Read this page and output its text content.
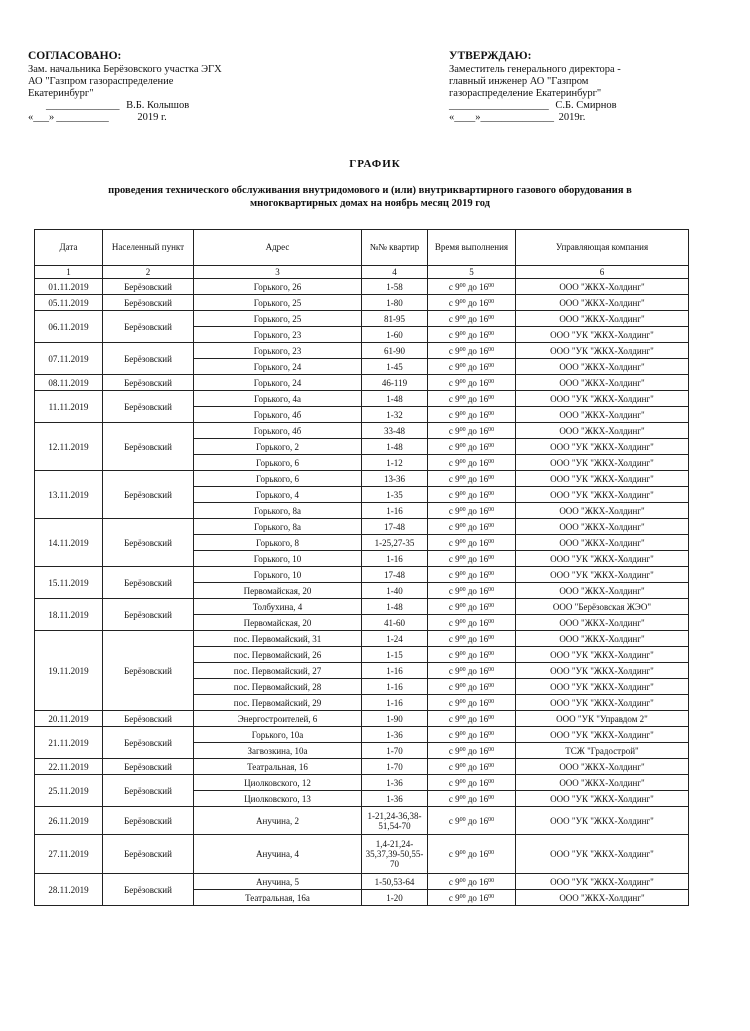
СОГЛАСОВАНО:
Зам. начальника Берёзовского участка ЭГХ
АО "Газпром газораспределение
Екатеринбург"
______________ В.Б. Колышов
«___» __________	2019 г.
УТВЕРЖДАЮ:
Заместитель генерального директора -
главный инженер АО "Газпром
газораспределение Екатеринбург"
___________________ С.Б. Смирнов
«____»______________ 2019г.
ГРАФИК
проведения технического обслуживания внутридомового и (или) внутриквартирного газового оборудования в
многоквартирных домах на ноябрь месяц 2019 год
Дата	Населенный пункт	Адрес	№№ квартир	Время выполнения	Управляющая компания
1	2	3	4	5	6
01.11.2019	Берёзовский	Горького, 26	1-58	с $9^{00}$ до $16^{00}$	ООО "ЖКХ-Холдинг"
05.11.2019	Берёзовский	Горького, 25	1-80	с $9^{00}$ до $16^{00}$	ООО "ЖКХ-Холдинг"
06.11.2019	Берёзовский	Горького, 25	81-95	с $9^{00}$ до $16^{00}$	ООО "ЖКХ-Холдинг"
		Горького, 23	1-60	с $9^{00}$ до $16^{00}$	ООО "УК "ЖКХ-Холдинг"
07.11.2019	Берёзовский	Горького, 23	61-90	с $9^{00}$ до $16^{00}$	ООО "УК "ЖКХ-Холдинг"
		Горького, 24	1-45	с $9^{00}$ до $16^{00}$	ООО "ЖКХ-Холдинг"
08.11.2019	Берёзовский	Горького, 24	46-119	с $9^{00}$ до $16^{00}$	ООО "ЖКХ-Холдинг"
11.11.2019	Берёзовский	Горького, 4а	1-48	с $9^{00}$ до $16^{00}$	ООО "УК "ЖКХ-Холдинг"
		Горького, 4б	1-32	с $9^{00}$ до $16^{00}$	ООО "ЖКХ-Холдинг"
12.11.2019	Берёзовский	Горького, 4б	33-48	с $9^{00}$ до $16^{00}$	ООО "ЖКХ-Холдинг"
		Горького, 2	1-48	с $9^{00}$ до $16^{00}$	ООО "УК "ЖКХ-Холдинг"
		Горького, 6	1-12	с $9^{00}$ до $16^{00}$	ООО "УК "ЖКХ-Холдинг"
13.11.2019	Берёзовский	Горького, 6	13-36	с $9^{00}$ до $16^{00}$	ООО "УК "ЖКХ-Холдинг"
		Горького, 4	1-35	с $9^{00}$ до $16^{00}$	ООО "УК "ЖКХ-Холдинг"
		Горького, 8а	1-16	с $9^{00}$ до $16^{00}$	ООО "ЖКХ-Холдинг"
14.11.2019	Берёзовский	Горького, 8а	17-48	с $9^{00}$ до $16^{00}$	ООО "ЖКХ-Холдинг"
		Горького, 8	1-25,27-35	с $9^{00}$ до $16^{00}$	ООО "ЖКХ-Холдинг"
		Горького, 10	1-16	с $9^{00}$ до $16^{00}$	ООО "УК "ЖКХ-Холдинг"
15.11.2019	Берёзовский	Горького, 10	17-48	с $9^{00}$ до $16^{00}$	ООО "УК "ЖКХ-Холдинг"
		Первомайская, 20	1-40	с $9^{00}$ до $16^{00}$	ООО "ЖКХ-Холдинг"
18.11.2019	Берёзовский	Толбухина, 4	1-48	с $9^{00}$ до $16^{00}$	ООО "Берёзовская ЖЭО"
		Первомайская, 20	41-60	с $9^{00}$ до $16^{00}$	ООО "ЖКХ-Холдинг"
19.11.2019	Берёзовский	пос. Первомайский, 31	1-24	с $9^{00}$ до $16^{00}$	ООО "ЖКХ-Холдинг"
		пос. Первомайский, 26	1-15	с $9^{00}$ до $16^{00}$	ООО "УК "ЖКХ-Холдинг"
		пос. Первомайский, 27	1-16	с $9^{00}$ до $16^{00}$	ООО "УК "ЖКХ-Холдинг"
		пос. Первомайский, 28	1-16	с $9^{00}$ до $16^{00}$	ООО "УК "ЖКХ-Холдинг"
		пос. Первомайский, 29	1-16	с $9^{00}$ до $16^{00}$	ООО "УК "ЖКХ-Холдинг"
20.11.2019	Берёзовский	Энергостроителей, 6	1-90	с $9^{00}$ до $16^{00}$	ООО "УК "Управдом 2"
21.11.2019	Берёзовский	Горького, 10а	1-36	с $9^{00}$ до $16^{00}$	ООО "УК "ЖКХ-Холдинг"
		Загвозкина, 10а	1-70	с $9^{00}$ до $16^{00}$	ТСЖ "Градострой"
22.11.2019	Берёзовский	Театральная, 16	1-70	с $9^{00}$ до $16^{00}$	ООО "ЖКХ-Холдинг"
25.11.2019	Берёзовский	Циолковского, 12	1-36	с $9^{00}$ до $16^{00}$	ООО "ЖКХ-Холдинг"
		Циолковского, 13	1-36	с $9^{00}$ до $16^{00}$	ООО "УК "ЖКХ-Холдинг"
26.11.2019	Берёзовский	Анучина, 2	1-21,24-36,38-51,54-70	с $9^{00}$ до $16^{00}$	ООО "УК "ЖКХ-Холдинг"
27.11.2019	Берёзовский	Анучина, 4	1,4-21,24-35,37,39-50,55-70	с $9^{00}$ до $16^{00}$	ООО "УК "ЖКХ-Холдинг"
28.11.2019	Берёзовский	Анучина, 5	1-50,53-64	с $9^{00}$ до $16^{00}$	ООО "УК "ЖКХ-Холдинг"
		Театральная, 16а	1-20	с $9^{00}$ до $16^{00}$	ООО "ЖКХ-Холдинг"
